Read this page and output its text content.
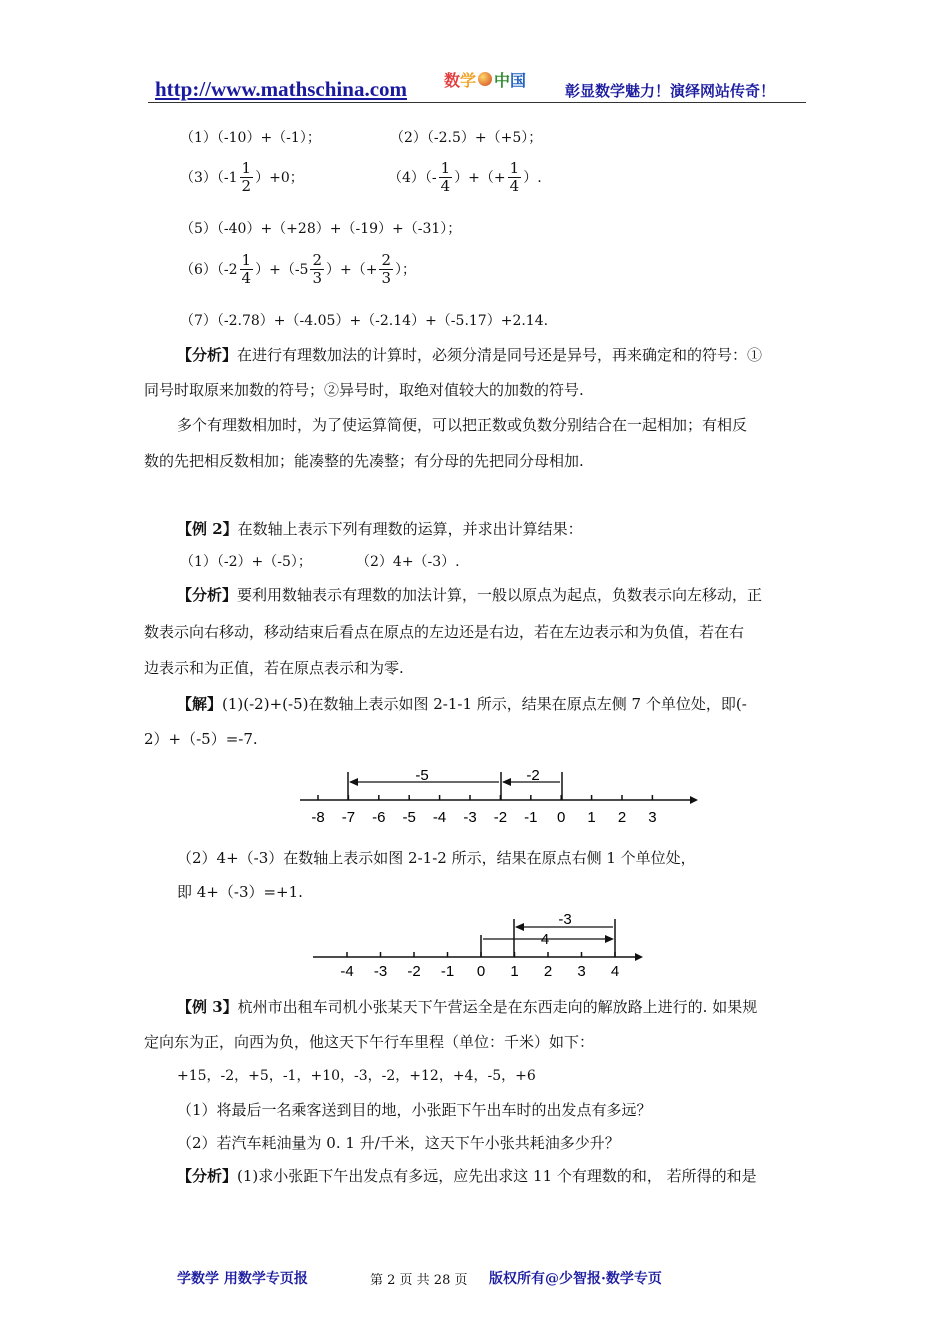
http://www.mathschina.com 数 学 中 国
彰显数学魅力！演绎网站传奇！
（1）（-10）+（-1）；	（2）（-2.5）+（+5）；
$(3)(-1 \frac{1}{2} )+0$；	$(4)(- \frac{1}{4}$ ）+（+ $\frac{1}{4}$ ）.
（5）（-40）+（+28）+（-19）+（-31）；
$(6)(-2 \frac{1}{4} )+(-5 \frac{2}{3}$ ）+（+ $\frac{2}{3}$ ）；
（7）（-2.78）+（-4.05）+（-2.14）+（-5.17）+2.14.
【分析】在进行有理数加法的计算时，必须分清是同号还是异号，再来确定和的符号：①
同号时取原来加数的符号；②异号时，取绝对值较大的加数的符号.
多个有理数相加时，为了使运算简便，可以把正数或负数分别结合在一起相加；有相反
数的先把相反数相加；能凑整的先凑整；有分母的先把同分母相加.
【例 2】在数轴上表示下列有理数的运算，并求出计算结果：
（1）（-2）+（-5）；	（2）4+（-3）.
【分析】要利用数轴表示有理数的加法计算，一般以原点为起点，负数表示向左移动，正
数表示向右移动，移动结束后看点在原点的左边还是右边，若在左边表示和为负值，若在右
边表示和为正值，若在原点表示和为零.
【解】(1)(-2)+(-5)在数轴上表示如图 2-1-1 所示，结果在原点左侧 7 个单位处，即(-
2）+（-5）=-7.
-8 -7 -6 -5 -4 -3 -2 -1 0 1 2 3
-5	-2
（2）4+（-3）在数轴上表示如图 2-1-2 所示，结果在原点右侧 1 个单位处，
即 4+（-3）=+1.
-4 -3 -2 -1 0 1 2 3 4
-3
4
【例 3】杭州市出租车司机小张某天下午营运全是在东西走向的解放路上进行的. 如果规
定向东为正，向西为负，他这天下午行车里程（单位：千米）如下：
+15，-2，+5，-1，+10，-3，-2，+12，+4，-5，+6
（1）将最后一名乘客送到目的地，小张距下午出车时的出发点有多远？
（2）若汽车耗油量为 0. 1 升/千米，这天下午小张共耗油多少升？
【分析】(1)求小张距下午出发点有多远，应先出求这 11 个有理数的和， 若所得的和是
学数学 用数学专页报	第 2 页 共 28 页 版权所有@少智报·数学专页
